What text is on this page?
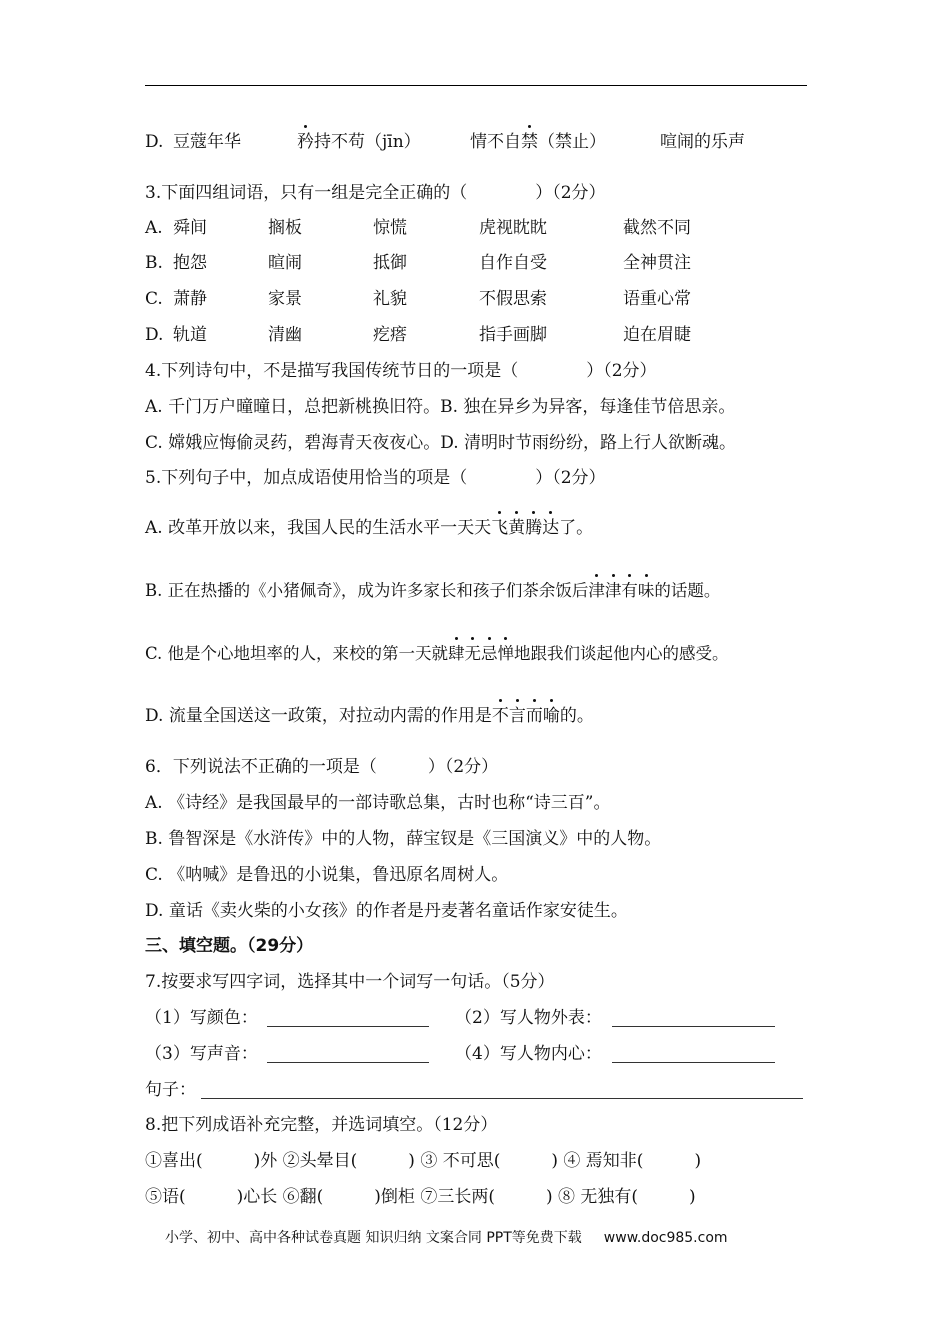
D. 豆蔻年华	矜持不苟（jīn）	情不自禁（禁止）	喧闹的乐声
3.下面四组词语，只有一组是完全正确的（　　　　）（2分）
A. 舜间	搁板	惊慌	虎视眈眈	截然不同
B. 抱怨	暄闹	抵御	自作自受	全神贯注
C. 萧静	家景	礼貌	不假思索	语重心常
D. 轨道	清幽	疙瘩	指手画脚	迫在眉睫
4.下列诗句中，不是描写我国传统节日的一项是（　　　　）（2分）
A. 千门万户曈曈日，总把新桃换旧符。B. 独在异乡为异客，每逢佳节倍思亲。
C. 嫦娥应悔偷灵药，碧海青天夜夜心。D. 清明时节雨纷纷，路上行人欲断魂。
5.下列句子中，加点成语使用恰当的项是（　　　　）（2分）
A. 改革开放以来，我国人民的生活水平一天天飞黄腾达了。
B. 正在热播的《小猪佩奇》，成为许多家长和孩子们茶余饭后津津有味的话题。
C. 他是个心地坦率的人，来校的第一天就肆无忌惮地跟我们谈起他内心的感受。
D. 流量全国送这一政策，对拉动内需的作用是不言而喻的。
6．下列说法不正确的一项是（　　　）（2分）
A. 《诗经》是我国最早的一部诗歌总集，古时也称“诗三百”。
B. 鲁智深是《水浒传》中的人物，薛宝钗是《三国演义》中的人物。
C. 《呐喊》是鲁迅的小说集，鲁迅原名周树人。
D. 童话《卖火柴的小女孩》的作者是丹麦著名童话作家安徒生。
三、填空题。（29分）
7.按要求写四字词，选择其中一个词写一句话。（5分）
（1）写颜色：	（2）写人物外表：
（3）写声音：	（4）写人物内心：
句子：
8.把下列成语补充完整，并选词填空。（12分）
①喜出(　　　)外 ②头晕目(　　　) ③ 不可思(　　　) ④ 焉知非(　　　)
⑤语(　　　)心长 ⑥翻(　　　)倒柜 ⑦三长两(　　　) ⑧ 无独有(　　　)
小学、初中、高中各种试卷真题 知识归纳 文案合同 PPT等免费下载 www.doc985.com
